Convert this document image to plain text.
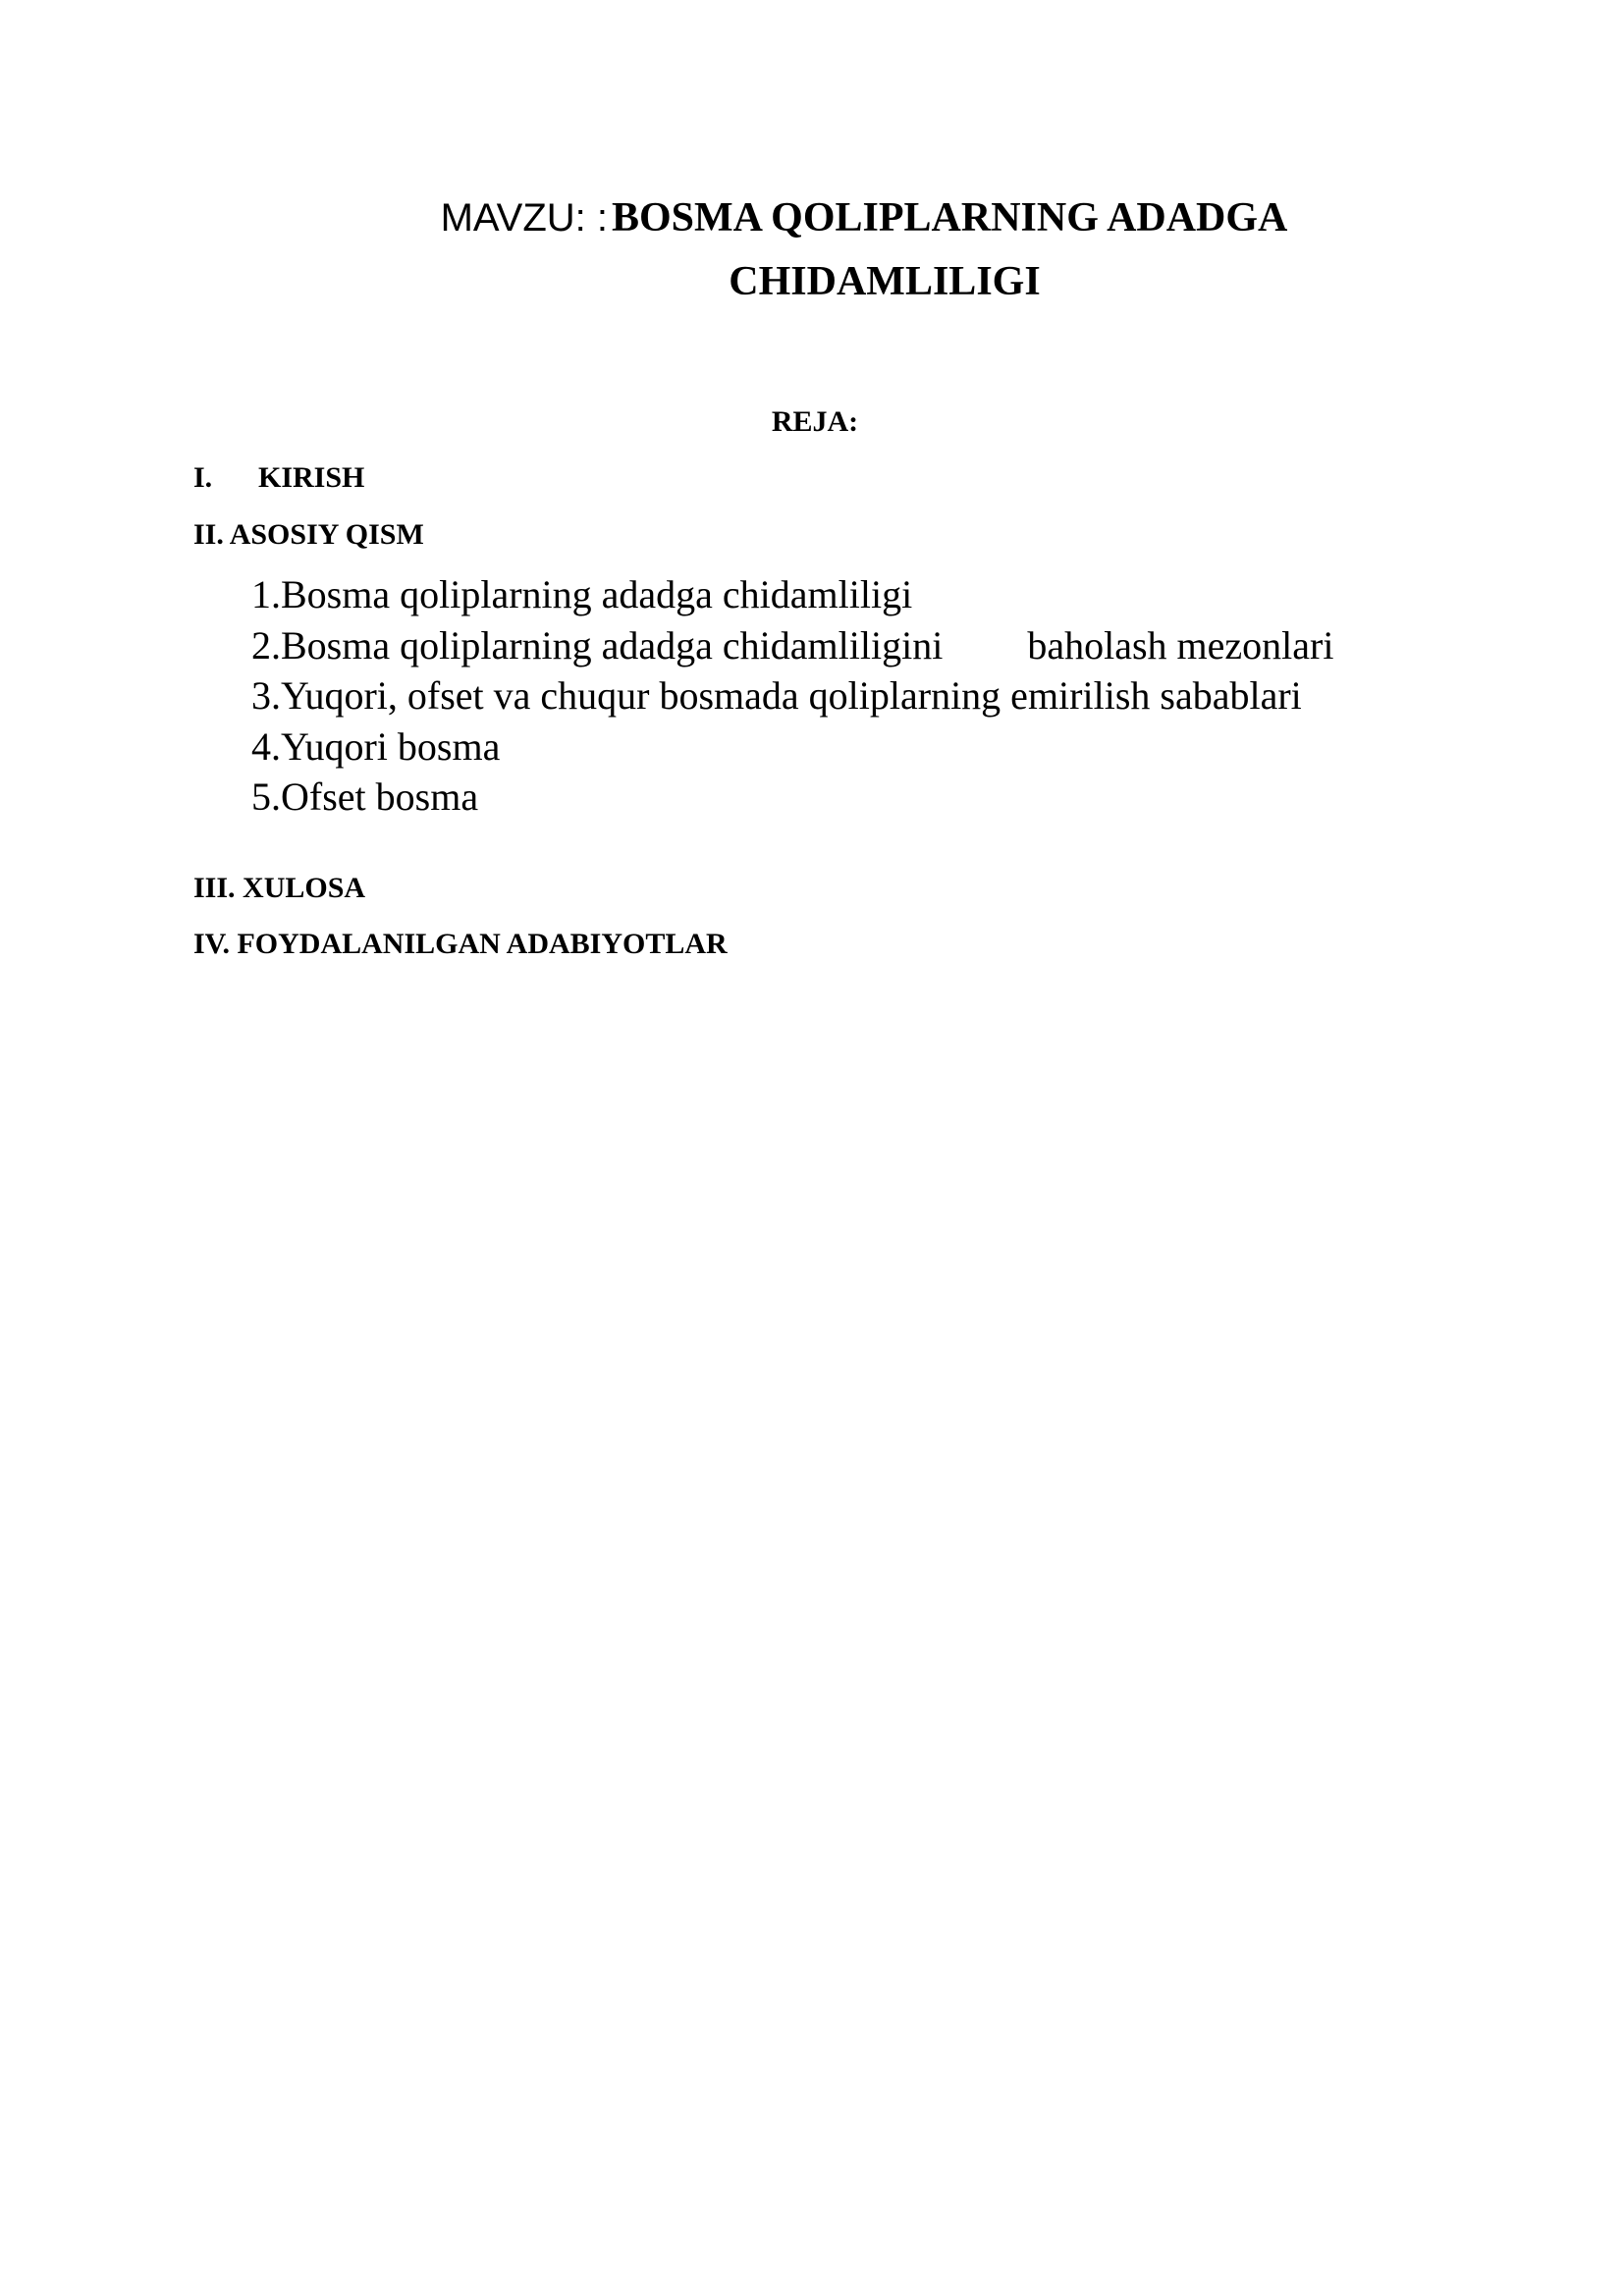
MAVZU: : BOSMA QOLIPLARNING ADADGA
CHIDAMLILIGI
REJA:
I. KIRISH
II. ASOSIY QISM
1.Bosma qoliplarning adadga chidamliligi
2.Bosma qoliplarning adadga chidamliligini baholash mezonlari
3.Yuqori, ofset va chuqur bosmada qoliplarning emirilish sabablari
4.Yuqori bosma
5.Ofset bosma
III. XULOSA
IV. FOYDALANILGAN ADABIYOTLAR
